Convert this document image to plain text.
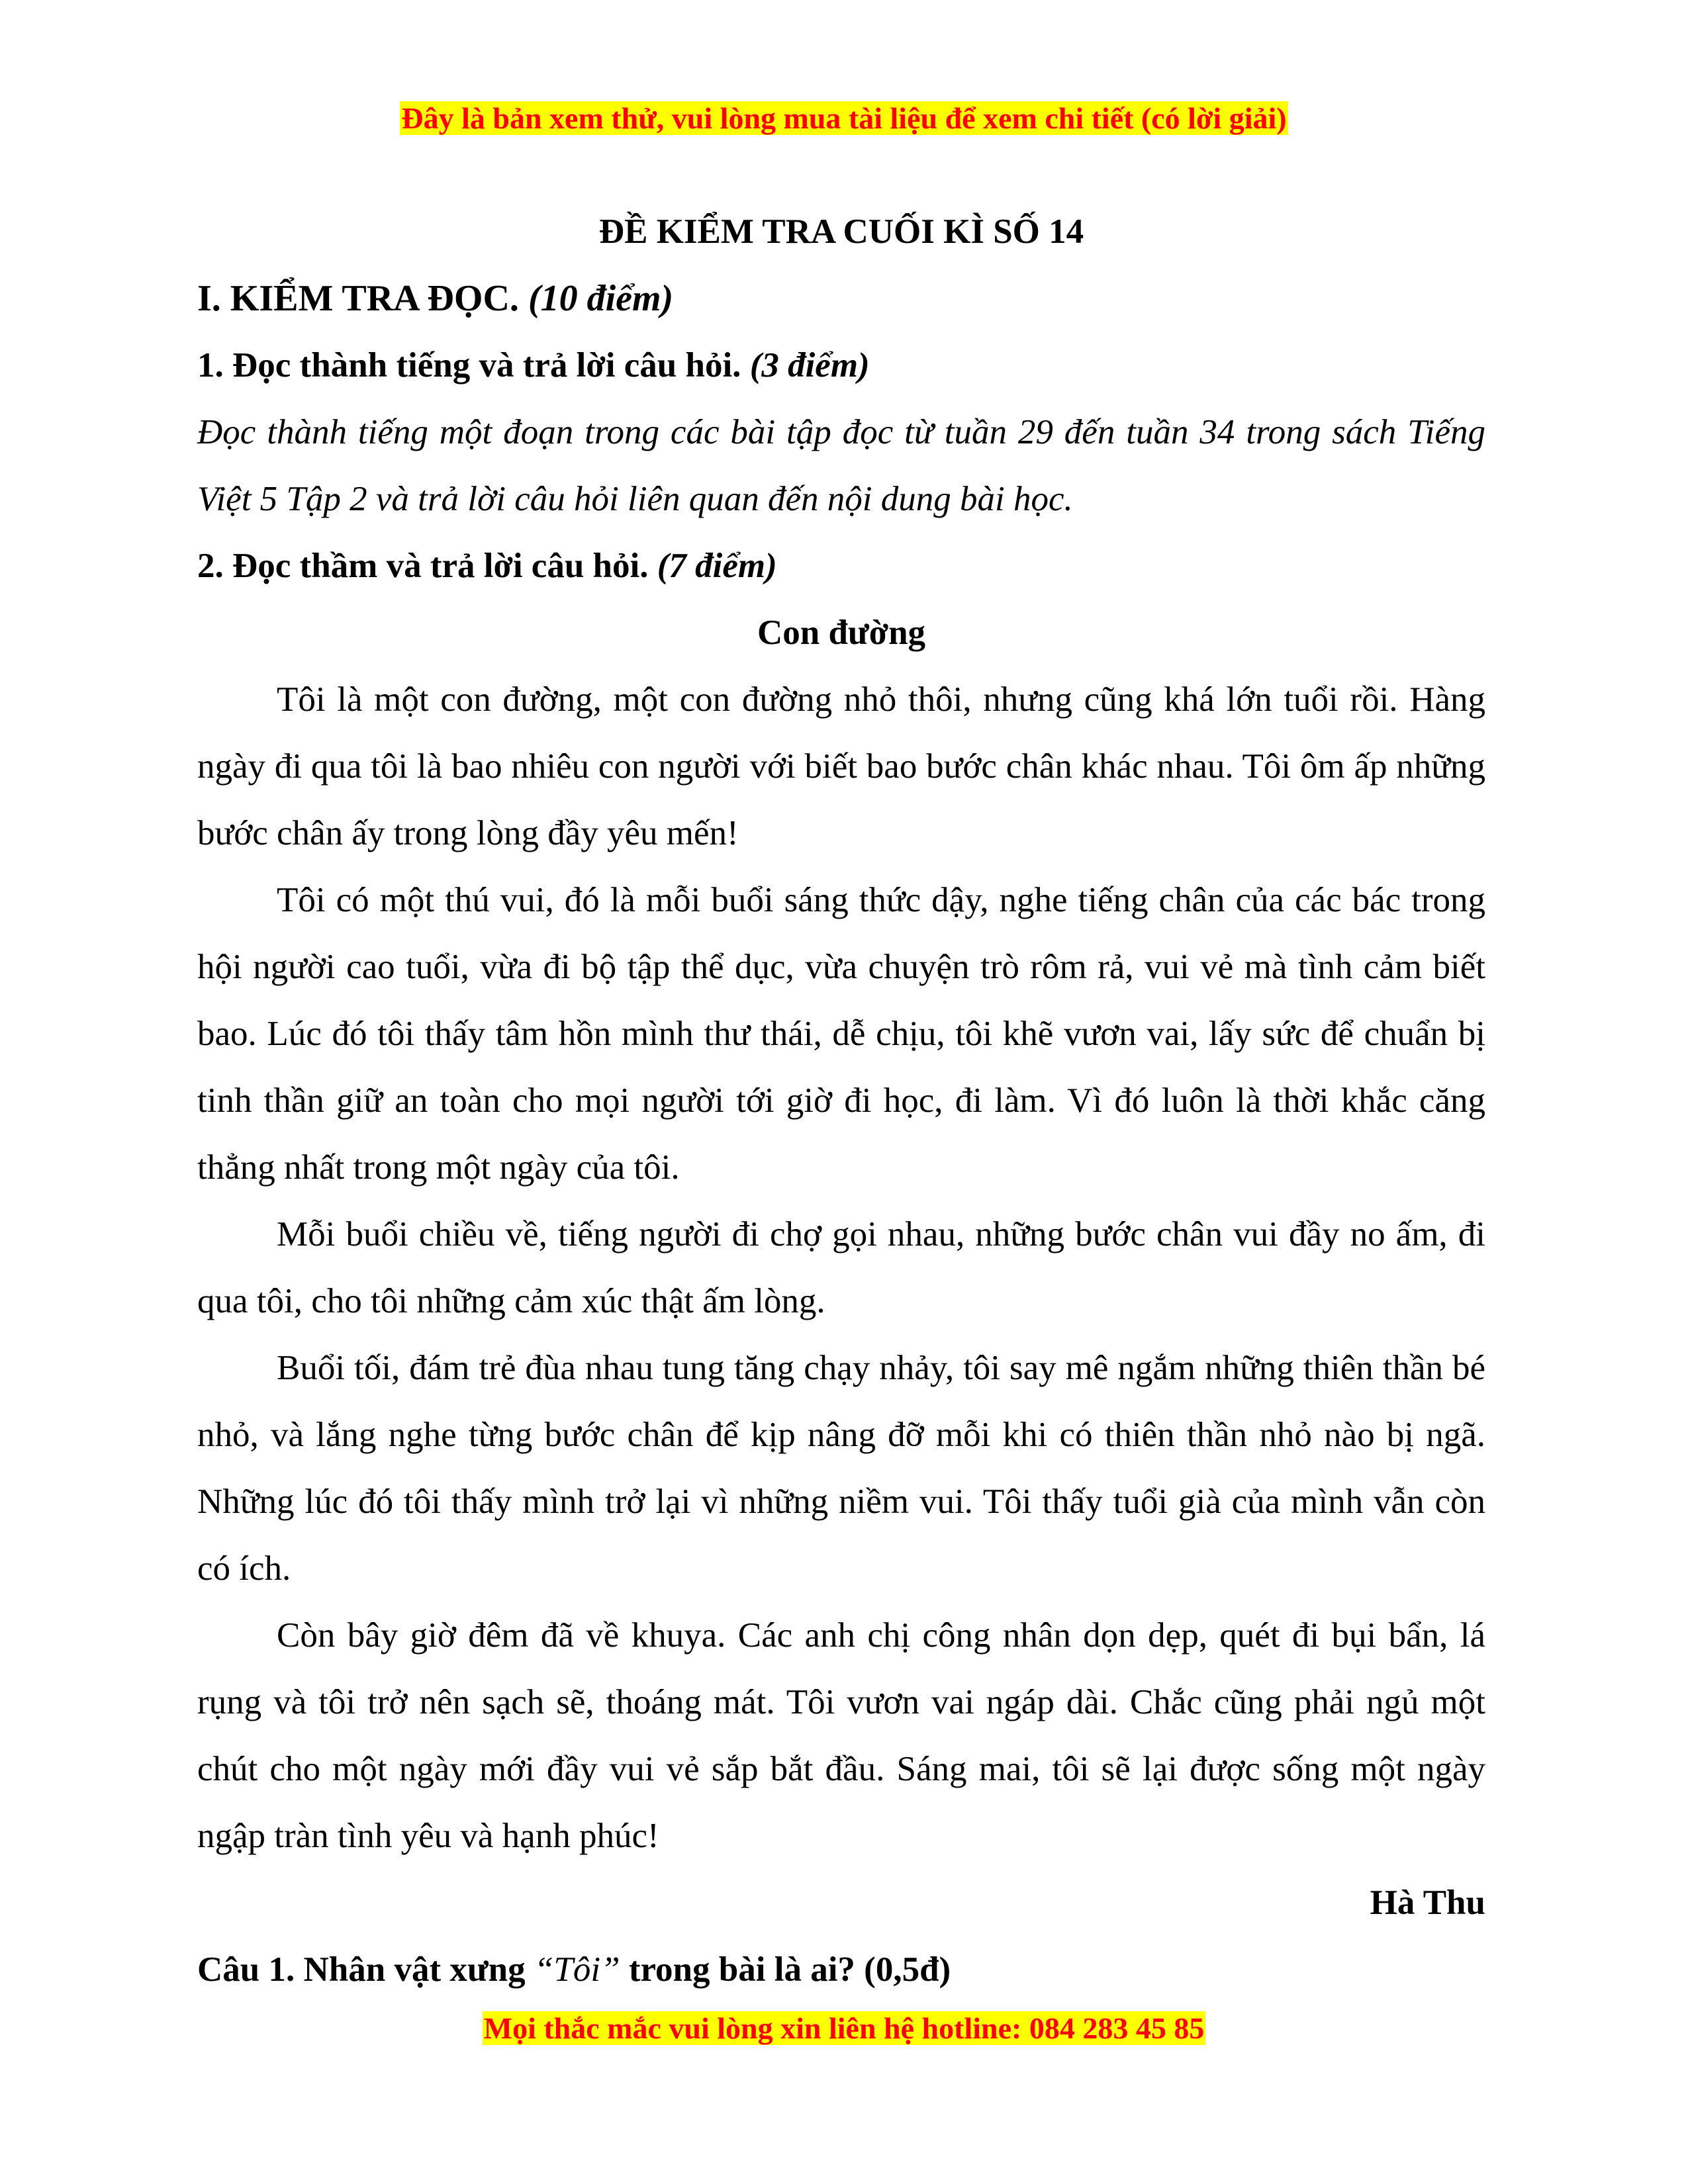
Đây là bản xem thử, vui lòng mua tài liệu để xem chi tiết (có lời giải)

ĐỀ KIỂM TRA CUỐI KÌ SỐ 14

I. KIỂM TRA ĐỌC. (10 điểm)

1. Đọc thành tiếng và trả lời câu hỏi. (3 điểm)

Đọc thành tiếng một đoạn trong các bài tập đọc từ tuần 29 đến tuần 34 trong sách Tiếng Việt 5 Tập 2 và trả lời câu hỏi liên quan đến nội dung bài học.

2. Đọc thầm và trả lời câu hỏi. (7 điểm)

Con đường

Tôi là một con đường, một con đường nhỏ thôi, nhưng cũng khá lớn tuổi rồi. Hàng ngày đi qua tôi là bao nhiêu con người với biết bao bước chân khác nhau. Tôi ôm ấp những bước chân ấy trong lòng đầy yêu mến!

Tôi có một thú vui, đó là mỗi buổi sáng thức dậy, nghe tiếng chân của các bác trong hội người cao tuổi, vừa đi bộ tập thể dục, vừa chuyện trò rôm rả, vui vẻ mà tình cảm biết bao. Lúc đó tôi thấy tâm hồn mình thư thái, dễ chịu, tôi khẽ vươn vai, lấy sức để chuẩn bị tinh thần giữ an toàn cho mọi người tới giờ đi học, đi làm. Vì đó luôn là thời khắc căng thẳng nhất trong một ngày của tôi.

Mỗi buổi chiều về, tiếng người đi chợ gọi nhau, những bước chân vui đầy no ấm, đi qua tôi, cho tôi những cảm xúc thật ấm lòng.

Buổi tối, đám trẻ đùa nhau tung tăng chạy nhảy, tôi say mê ngắm những thiên thần bé nhỏ, và lắng nghe từng bước chân để kịp nâng đỡ mỗi khi có thiên thần nhỏ nào bị ngã. Những lúc đó tôi thấy mình trở lại vì những niềm vui. Tôi thấy tuổi già của mình vẫn còn có ích.

Còn bây giờ đêm đã về khuya. Các anh chị công nhân dọn dẹp, quét đi bụi bẩn, lá rụng và tôi trở nên sạch sẽ, thoáng mát. Tôi vươn vai ngáp dài. Chắc cũng phải ngủ một chút cho một ngày mới đầy vui vẻ sắp bắt đầu. Sáng mai, tôi sẽ lại được sống một ngày ngập tràn tình yêu và hạnh phúc!

Hà Thu

Câu 1. Nhân vật xưng “Tôi” trong bài là ai? (0,5đ)

Mọi thắc mắc vui lòng xin liên hệ hotline: 084 283 45 85
